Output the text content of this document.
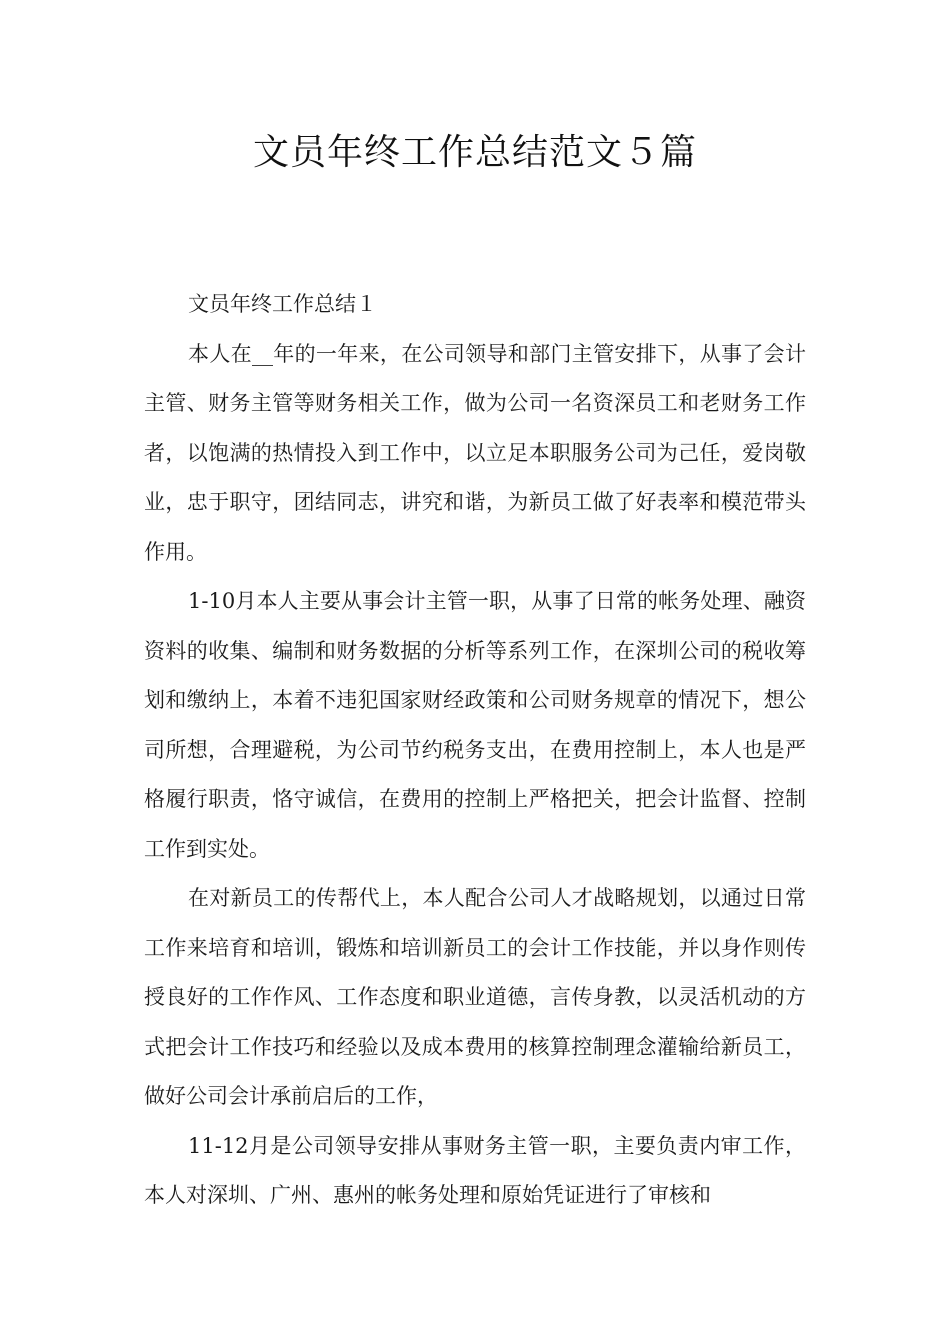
文员年终工作总结范文５篇

文员年终工作总结１

本人在__年的一年来，在公司领导和部门主管安排下，从事了会计主管、财务主管等财务相关工作，做为公司一名资深员工和老财务工作者，以饱满的热情投入到工作中，以立足本职服务公司为己任，爱岗敬业，忠于职守，团结同志，讲究和谐，为新员工做了好表率和模范带头作用。

1-10月本人主要从事会计主管一职，从事了日常的帐务处理、融资资料的收集、编制和财务数据的分析等系列工作，在深圳公司的税收筹划和缴纳上，本着不违犯国家财经政策和公司财务规章的情况下，想公司所想，合理避税，为公司节约税务支出，在费用控制上，本人也是严格履行职责，恪守诚信，在费用的控制上严格把关，把会计监督、控制工作到实处。

在对新员工的传帮代上，本人配合公司人才战略规划，以通过日常工作来培育和培训，锻炼和培训新员工的会计工作技能，并以身作则传授良好的工作作风、工作态度和职业道德，言传身教，以灵活机动的方式把会计工作技巧和经验以及成本费用的核算控制理念灌输给新员工，做好公司会计承前启后的工作，

11-12月是公司领导安排从事财务主管一职，主要负责内审工作，本人对深圳、广州、惠州的帐务处理和原始凭证进行了审核和
